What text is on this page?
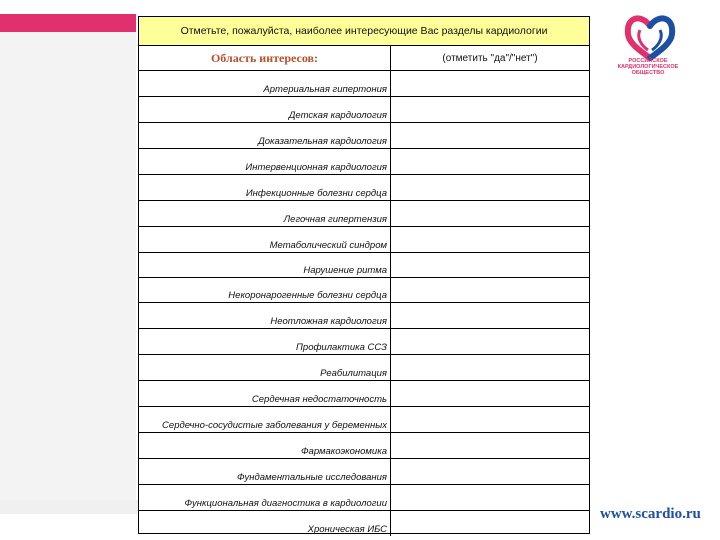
Отметьте, пожалуйста, наиболее интересующие Вас разделы кардиологии
Область интересов:	(отметить "да"/"нет")
Артериальная гипертония
Детская кардиология
Доказательная кардиология
Интервенционная кардиология
Инфекционные болезни сердца
Легочная гипертензия
Метаболический синдром
Нарушение ритма
Некоронарогенные болезни сердца
Неотложная кардиология
Профилактика ССЗ
Реабилитация
Сердечная недостаточность
Сердечно-сосудистые заболевания у беременных
Фармакоэкономика
Фундаментальные исследования
Функциональная диагностика в кардиологии
Хроническая ИБС
РОССИЙСКОЕ КАРДИОЛОГИЧЕСКОЕ ОБЩЕСТВО
www.scardio.ru
